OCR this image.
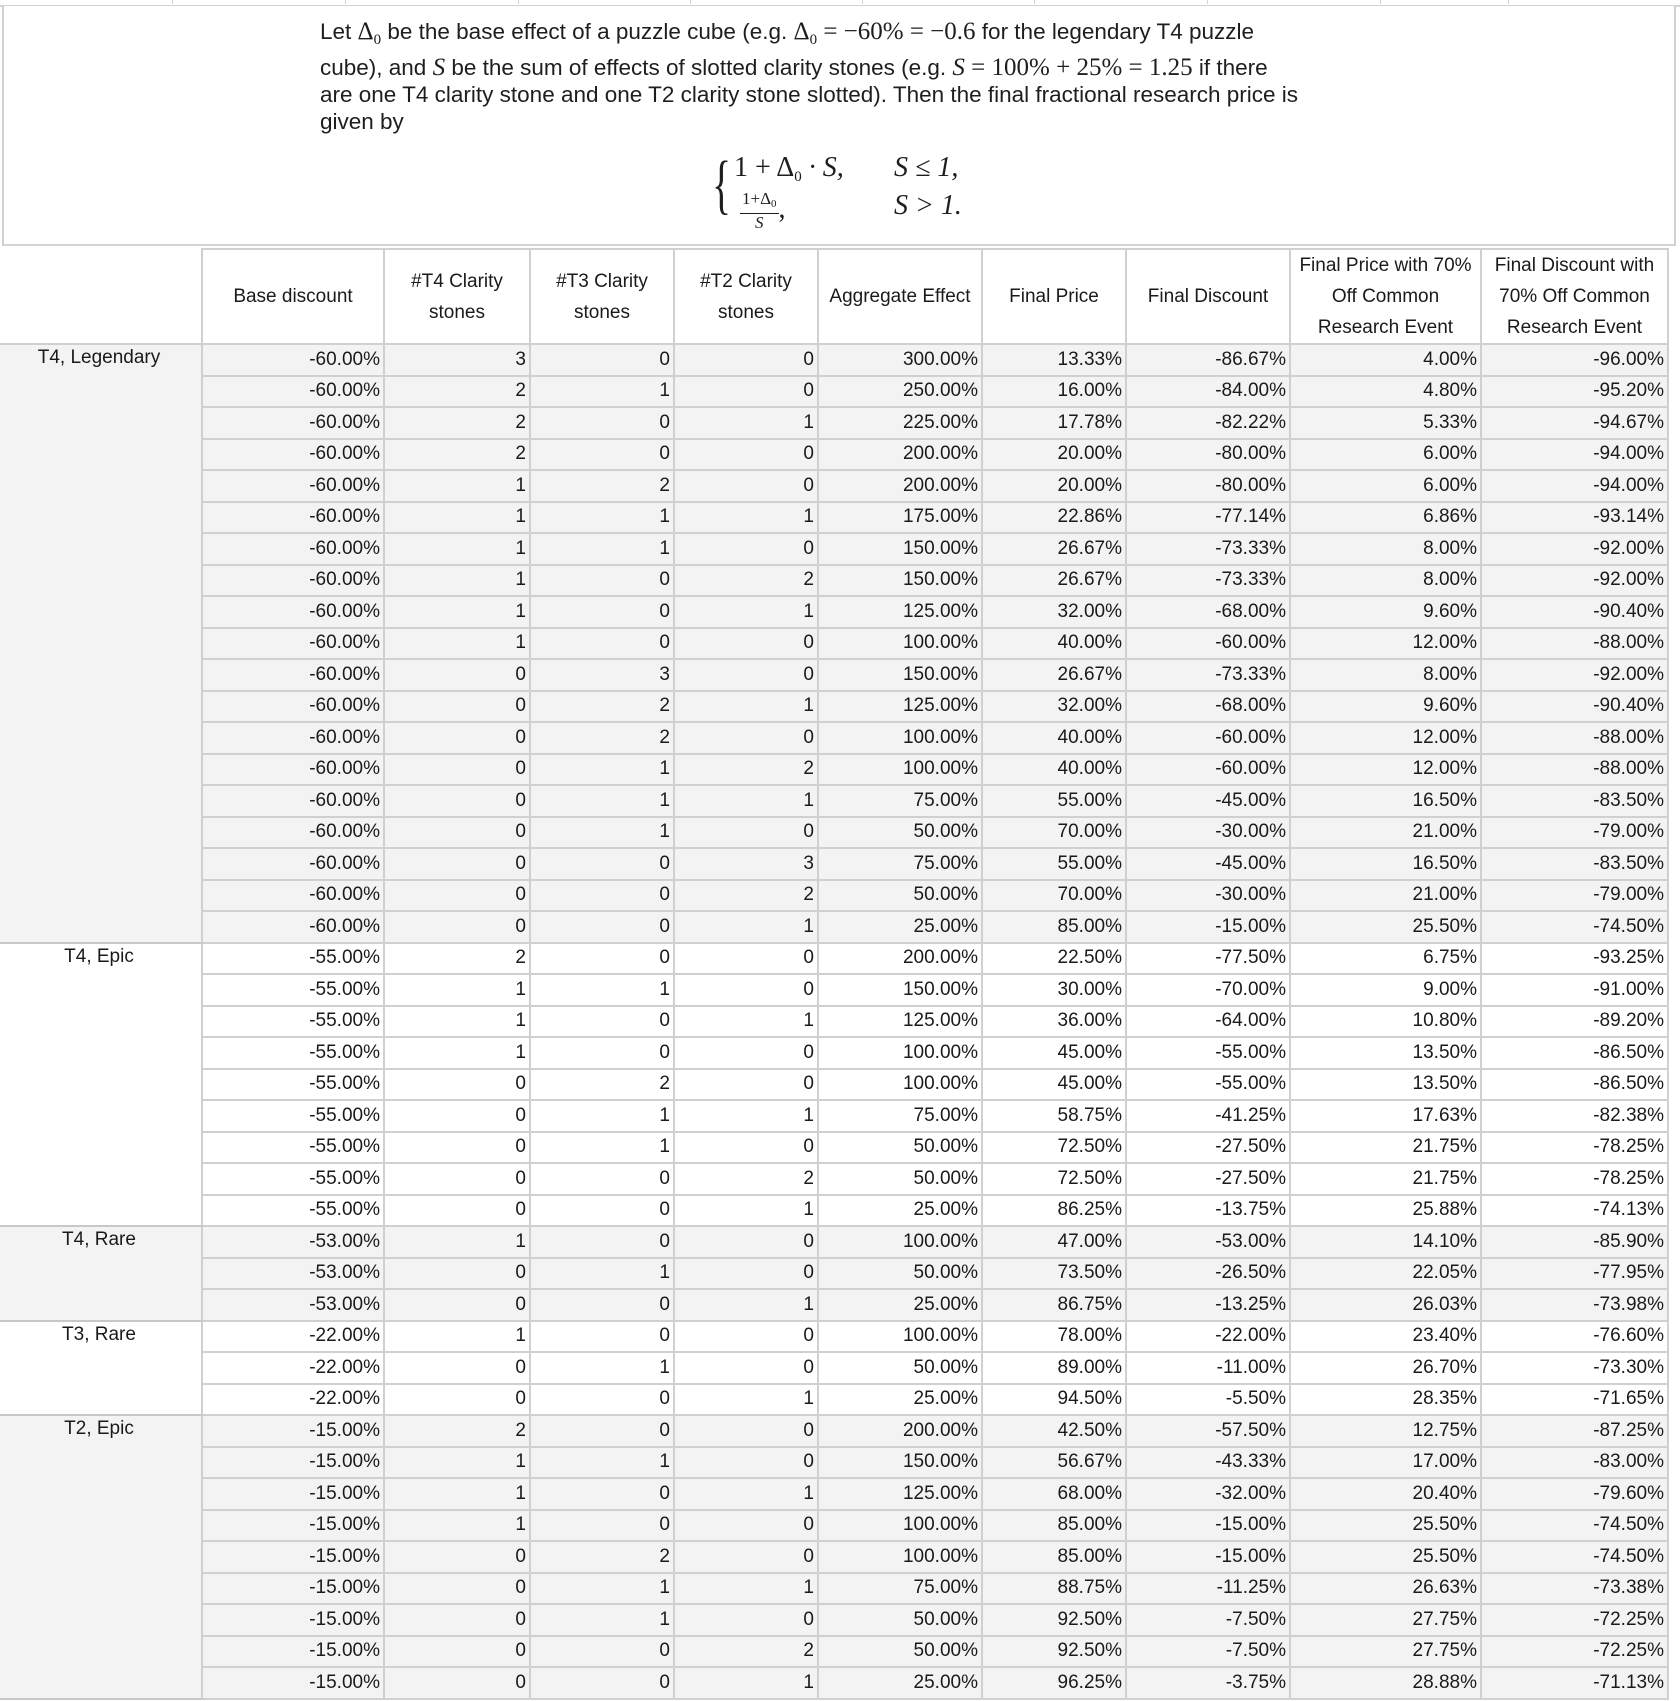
Let $\Delta_0$ be the base effect of a puzzle cube (e.g. $\Delta_0 = -60\% = -0.6$ for the legendary T4 puzzle
cube), and S be the sum of effects of slotted clarity stones (e.g. S = 100% + 25% = 1.25 if there
are one T4 clarity stone and one T2 clarity stone slotted). Then the final fractional research price is
given by
{ $1 + \Delta_0 \cdot S$, S ≤ 1,
$\frac{1+\Delta 0}{S}$ ,	S > 1.
	Base discount	#T4 Clarity stones	#T3 Clarity stones	#T2 Clarity stones	Aggregate Effect	Final Price	Final Discount	Final Price with 70% Off Common Research Event	Final Discount with 70% Off Common Research Event
T4, Legendary	-60.00%	3	0	0	300.00%	13.33%	-86.67%	4.00%	-96.00%
	-60.00%	2	1	0	250.00%	16.00%	-84.00%	4.80%	-95.20%
	-60.00%	2	0	1	225.00%	17.78%	-82.22%	5.33%	-94.67%
	-60.00%	2	0	0	200.00%	20.00%	-80.00%	6.00%	-94.00%
	-60.00%	1	2	0	200.00%	20.00%	-80.00%	6.00%	-94.00%
	-60.00%	1	1	1	175.00%	22.86%	-77.14%	6.86%	-93.14%
	-60.00%	1	1	0	150.00%	26.67%	-73.33%	8.00%	-92.00%
	-60.00%	1	0	2	150.00%	26.67%	-73.33%	8.00%	-92.00%
	-60.00%	1	0	1	125.00%	32.00%	-68.00%	9.60%	-90.40%
	-60.00%	1	0	0	100.00%	40.00%	-60.00%	12.00%	-88.00%
	-60.00%	0	3	0	150.00%	26.67%	-73.33%	8.00%	-92.00%
	-60.00%	0	2	1	125.00%	32.00%	-68.00%	9.60%	-90.40%
	-60.00%	0	2	0	100.00%	40.00%	-60.00%	12.00%	-88.00%
	-60.00%	0	1	2	100.00%	40.00%	-60.00%	12.00%	-88.00%
	-60.00%	0	1	1	75.00%	55.00%	-45.00%	16.50%	-83.50%
	-60.00%	0	1	0	50.00%	70.00%	-30.00%	21.00%	-79.00%
	-60.00%	0	0	3	75.00%	55.00%	-45.00%	16.50%	-83.50%
	-60.00%	0	0	2	50.00%	70.00%	-30.00%	21.00%	-79.00%
	-60.00%	0	0	1	25.00%	85.00%	-15.00%	25.50%	-74.50%
T4, Epic	-55.00%	2	0	0	200.00%	22.50%	-77.50%	6.75%	-93.25%
	-55.00%	1	1	0	150.00%	30.00%	-70.00%	9.00%	-91.00%
	-55.00%	1	0	1	125.00%	36.00%	-64.00%	10.80%	-89.20%
	-55.00%	1	0	0	100.00%	45.00%	-55.00%	13.50%	-86.50%
	-55.00%	0	2	0	100.00%	45.00%	-55.00%	13.50%	-86.50%
	-55.00%	0	1	1	75.00%	58.75%	-41.25%	17.63%	-82.38%
	-55.00%	0	1	0	50.00%	72.50%	-27.50%	21.75%	-78.25%
	-55.00%	0	0	2	50.00%	72.50%	-27.50%	21.75%	-78.25%
	-55.00%	0	0	1	25.00%	86.25%	-13.75%	25.88%	-74.13%
T4, Rare	-53.00%	1	0	0	100.00%	47.00%	-53.00%	14.10%	-85.90%
	-53.00%	0	1	0	50.00%	73.50%	-26.50%	22.05%	-77.95%
	-53.00%	0	0	1	25.00%	86.75%	-13.25%	26.03%	-73.98%
T3, Rare	-22.00%	1	0	0	100.00%	78.00%	-22.00%	23.40%	-76.60%
	-22.00%	0	1	0	50.00%	89.00%	-11.00%	26.70%	-73.30%
	-22.00%	0	0	1	25.00%	94.50%	-5.50%	28.35%	-71.65%
T2, Epic	-15.00%	2	0	0	200.00%	42.50%	-57.50%	12.75%	-87.25%
	-15.00%	1	1	0	150.00%	56.67%	-43.33%	17.00%	-83.00%
	-15.00%	1	0	1	125.00%	68.00%	-32.00%	20.40%	-79.60%
	-15.00%	1	0	0	100.00%	85.00%	-15.00%	25.50%	-74.50%
	-15.00%	0	2	0	100.00%	85.00%	-15.00%	25.50%	-74.50%
	-15.00%	0	1	1	75.00%	88.75%	-11.25%	26.63%	-73.38%
	-15.00%	0	1	0	50.00%	92.50%	-7.50%	27.75%	-72.25%
	-15.00%	0	0	2	50.00%	92.50%	-7.50%	27.75%	-72.25%
	-15.00%	0	0	1	25.00%	96.25%	-3.75%	28.88%	-71.13%
